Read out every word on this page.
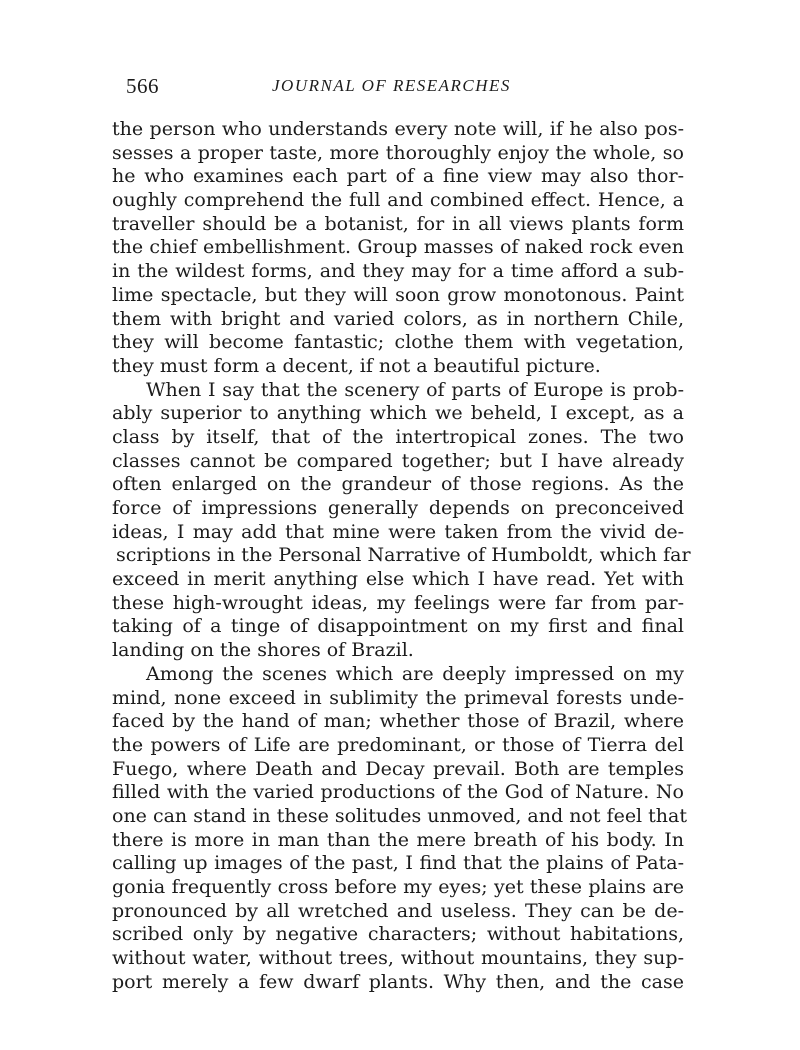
566	JOURNAL OF RESEARCHES
the person who understands every note will, if he also pos-
sesses a proper taste, more thoroughly enjoy the whole, so
he who examines each part of a fine view may also thor-
oughly comprehend the full and combined effect. Hence, a
traveller should be a botanist, for in all views plants form
the chief embellishment. Group masses of naked rock even
in the wildest forms, and they may for a time afford a sub-
lime spectacle, but they will soon grow monotonous. Paint
them with bright and varied colors, as in northern Chile,
they will become fantastic; clothe them with vegetation,
they must form a decent, if not a beautiful picture.
When I say that the scenery of parts of Europe is prob-
ably superior to anything which we beheld, I except, as a
class by itself, that of the intertropical zones. The two
classes cannot be compared together; but I have already
often enlarged on the grandeur of those regions. As the
force of impressions generally depends on preconceived
ideas, I may add that mine were taken from the vivid de-
scriptions in the Personal Narrative of Humboldt, which far
exceed in merit anything else which I have read. Yet with
these high-wrought ideas, my feelings were far from par-
taking of a tinge of disappointment on my first and final
landing on the shores of Brazil.
Among the scenes which are deeply impressed on my
mind, none exceed in sublimity the primeval forests unde-
faced by the hand of man; whether those of Brazil, where
the powers of Life are predominant, or those of Tierra del
Fuego, where Death and Decay prevail. Both are temples
filled with the varied productions of the God of Nature. No
one can stand in these solitudes unmoved, and not feel that
there is more in man than the mere breath of his body. In
calling up images of the past, I find that the plains of Pata-
gonia frequently cross before my eyes; yet these plains are
pronounced by all wretched and useless. They can be de-
scribed only by negative characters; without habitations,
without water, without trees, without mountains, they sup-
port merely a few dwarf plants. Why then, and the case
